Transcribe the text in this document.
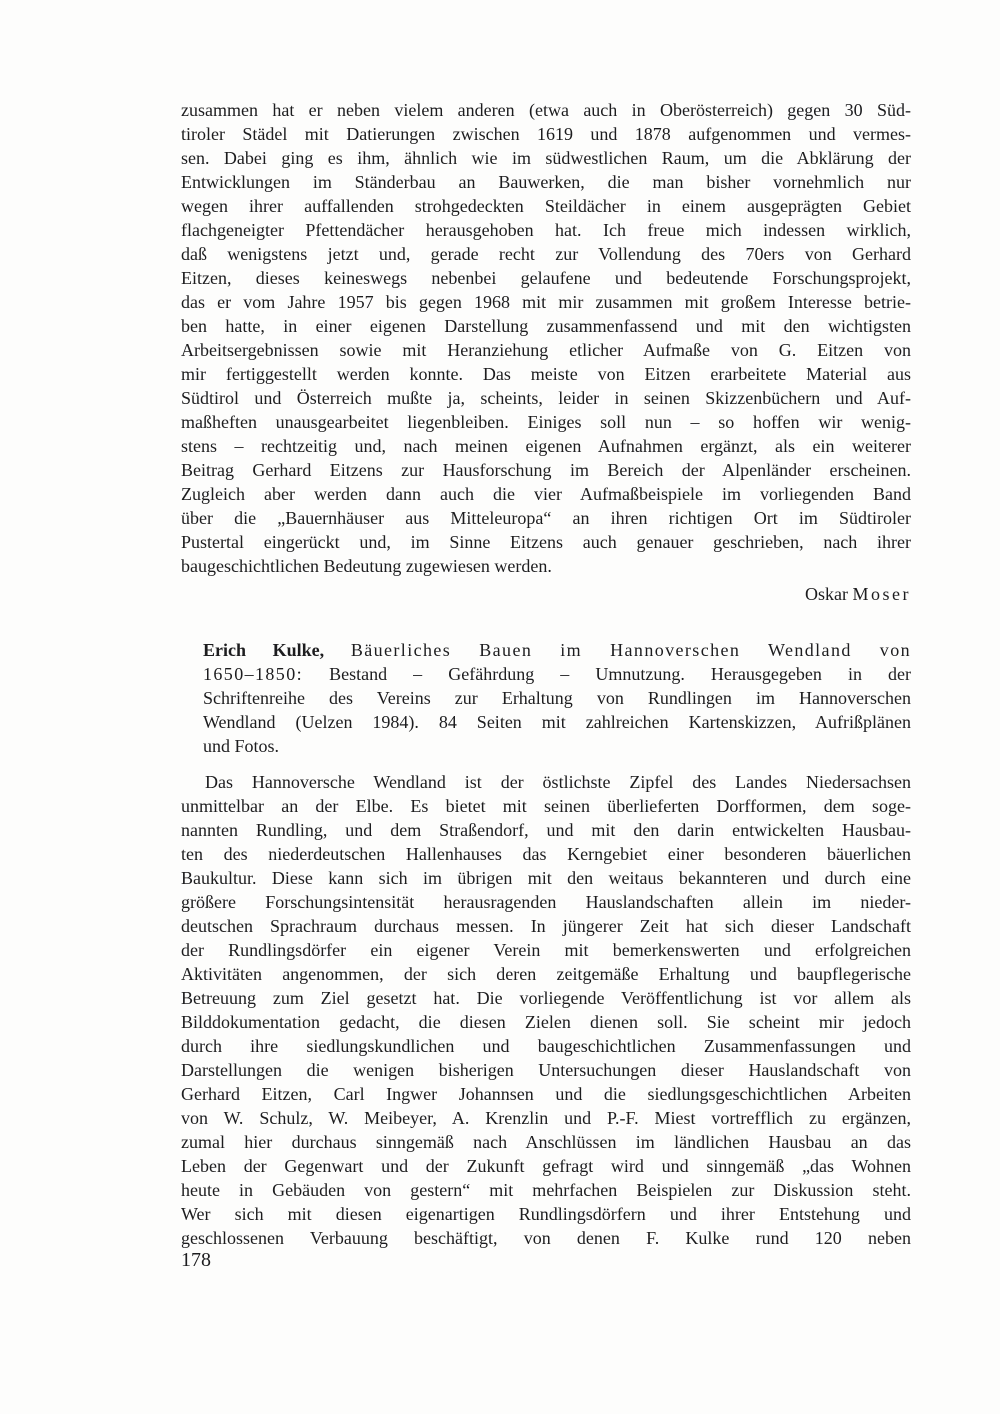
zusammen hat er neben vielem anderen (etwa auch in Oberösterreich) gegen 30 Süd-
tiroler Städel mit Datierungen zwischen 1619 und 1878 aufgenommen und vermes-
sen. Dabei ging es ihm, ähnlich wie im südwestlichen Raum, um die Abklärung der
Entwicklungen im Ständerbau an Bauwerken, die man bisher vornehmlich nur
wegen ihrer auffallenden strohgedeckten Steildächer in einem ausgeprägten Gebiet
flachgeneigter Pfettendächer herausgehoben hat. Ich freue mich indessen wirklich,
daß wenigstens jetzt und, gerade recht zur Vollendung des 70ers von Gerhard
Eitzen, dieses keineswegs nebenbei gelaufene und bedeutende Forschungsprojekt,
das er vom Jahre 1957 bis gegen 1968 mit mir zusammen mit großem Interesse betrie-
ben hatte, in einer eigenen Darstellung zusammenfassend und mit den wichtigsten
Arbeitsergebnissen sowie mit Heranziehung etlicher Aufmaße von G. Eitzen von
mir fertiggestellt werden konnte. Das meiste von Eitzen erarbeitete Material aus
Südtirol und Österreich mußte ja, scheints, leider in seinen Skizzenbüchern und Auf-
maßheften unausgearbeitet liegenbleiben. Einiges soll nun – so hoffen wir wenig-
stens – rechtzeitig und, nach meinen eigenen Aufnahmen ergänzt, als ein weiterer
Beitrag Gerhard Eitzens zur Hausforschung im Bereich der Alpenländer erscheinen.
Zugleich aber werden dann auch die vier Aufmaßbeispiele im vorliegenden Band
über die „Bauernhäuser aus Mitteleuropa“ an ihren richtigen Ort im Südtiroler
Pustertal eingerückt und, im Sinne Eitzens auch genauer geschrieben, nach ihrer
baugeschichtlichen Bedeutung zugewiesen werden.
Oskar Moser
Erich Kulke, Bäuerliches Bauen im Hannoverschen Wendland von
1650–1850: Bestand – Gefährdung – Umnutzung. Herausgegeben in der
Schriftenreihe des Vereins zur Erhaltung von Rundlingen im Hannoverschen
Wendland (Uelzen 1984). 84 Seiten mit zahlreichen Kartenskizzen, Aufrißplänen
und Fotos.
Das Hannoversche Wendland ist der östlichste Zipfel des Landes Niedersachsen
unmittelbar an der Elbe. Es bietet mit seinen überlieferten Dorfformen, dem soge-
nannten Rundling, und dem Straßendorf, und mit den darin entwickelten Hausbau-
ten des niederdeutschen Hallenhauses das Kerngebiet einer besonderen bäuerlichen
Baukultur. Diese kann sich im übrigen mit den weitaus bekannteren und durch eine
größere Forschungsintensität herausragenden Hauslandschaften allein im nieder-
deutschen Sprachraum durchaus messen. In jüngerer Zeit hat sich dieser Landschaft
der Rundlingsdörfer ein eigener Verein mit bemerkenswerten und erfolgreichen
Aktivitäten angenommen, der sich deren zeitgemäße Erhaltung und baupflegerische
Betreuung zum Ziel gesetzt hat. Die vorliegende Veröffentlichung ist vor allem als
Bilddokumentation gedacht, die diesen Zielen dienen soll. Sie scheint mir jedoch
durch ihre siedlungskundlichen und baugeschichtlichen Zusammenfassungen und
Darstellungen die wenigen bisherigen Untersuchungen dieser Hauslandschaft von
Gerhard Eitzen, Carl Ingwer Johannsen und die siedlungsgeschichtlichen Arbeiten
von W. Schulz, W. Meibeyer, A. Krenzlin und P.-F. Miest vortrefflich zu ergänzen,
zumal hier durchaus sinngemäß nach Anschlüssen im ländlichen Hausbau an das
Leben der Gegenwart und der Zukunft gefragt wird und sinngemäß „das Wohnen
heute in Gebäuden von gestern“ mit mehrfachen Beispielen zur Diskussion steht.
Wer sich mit diesen eigenartigen Rundlingsdörfern und ihrer Entstehung und
geschlossenen Verbauung beschäftigt, von denen F. Kulke rund 120 neben
178
